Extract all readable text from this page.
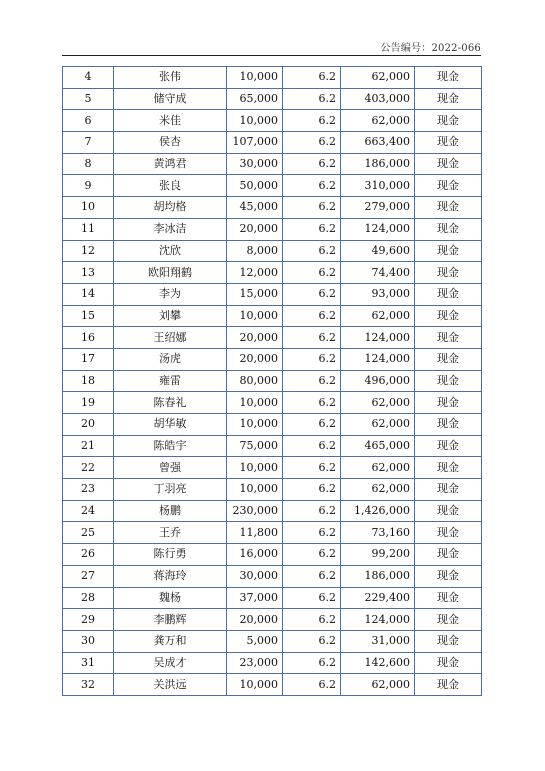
公告编号：2022-066
4	张伟	10,000	6.2	62,000	现金
5	储守成	65,000	6.2	403,000	现金
6	米佳	10,000	6.2	62,000	现金
7	侯杏	107,000	6.2	663,400	现金
8	黄鸿君	30,000	6.2	186,000	现金
9	张良	50,000	6.2	310,000	现金
10	胡均格	45,000	6.2	279,000	现金
11	李冰洁	20,000	6.2	124,000	现金
12	沈欣	8,000	6.2	49,600	现金
13	欧阳翔鹤	12,000	6.2	74,400	现金
14	李为	15,000	6.2	93,000	现金
15	刘攀	10,000	6.2	62,000	现金
16	王绍娜	20,000	6.2	124,000	现金
17	汤虎	20,000	6.2	124,000	现金
18	雍雷	80,000	6.2	496,000	现金
19	陈春礼	10,000	6.2	62,000	现金
20	胡华敏	10,000	6.2	62,000	现金
21	陈皓宇	75,000	6.2	465,000	现金
22	曾强	10,000	6.2	62,000	现金
23	丁羽亮	10,000	6.2	62,000	现金
24	杨鹏	230,000	6.2	1,426,000	现金
25	王乔	11,800	6.2	73,160	现金
26	陈行勇	16,000	6.2	99,200	现金
27	蒋海玲	30,000	6.2	186,000	现金
28	魏杨	37,000	6.2	229,400	现金
29	李鹏辉	20,000	6.2	124,000	现金
30	龚万和	5,000	6.2	31,000	现金
31	吴成才	23,000	6.2	142,600	现金
32	关洪远	10,000	6.2	62,000	现金
